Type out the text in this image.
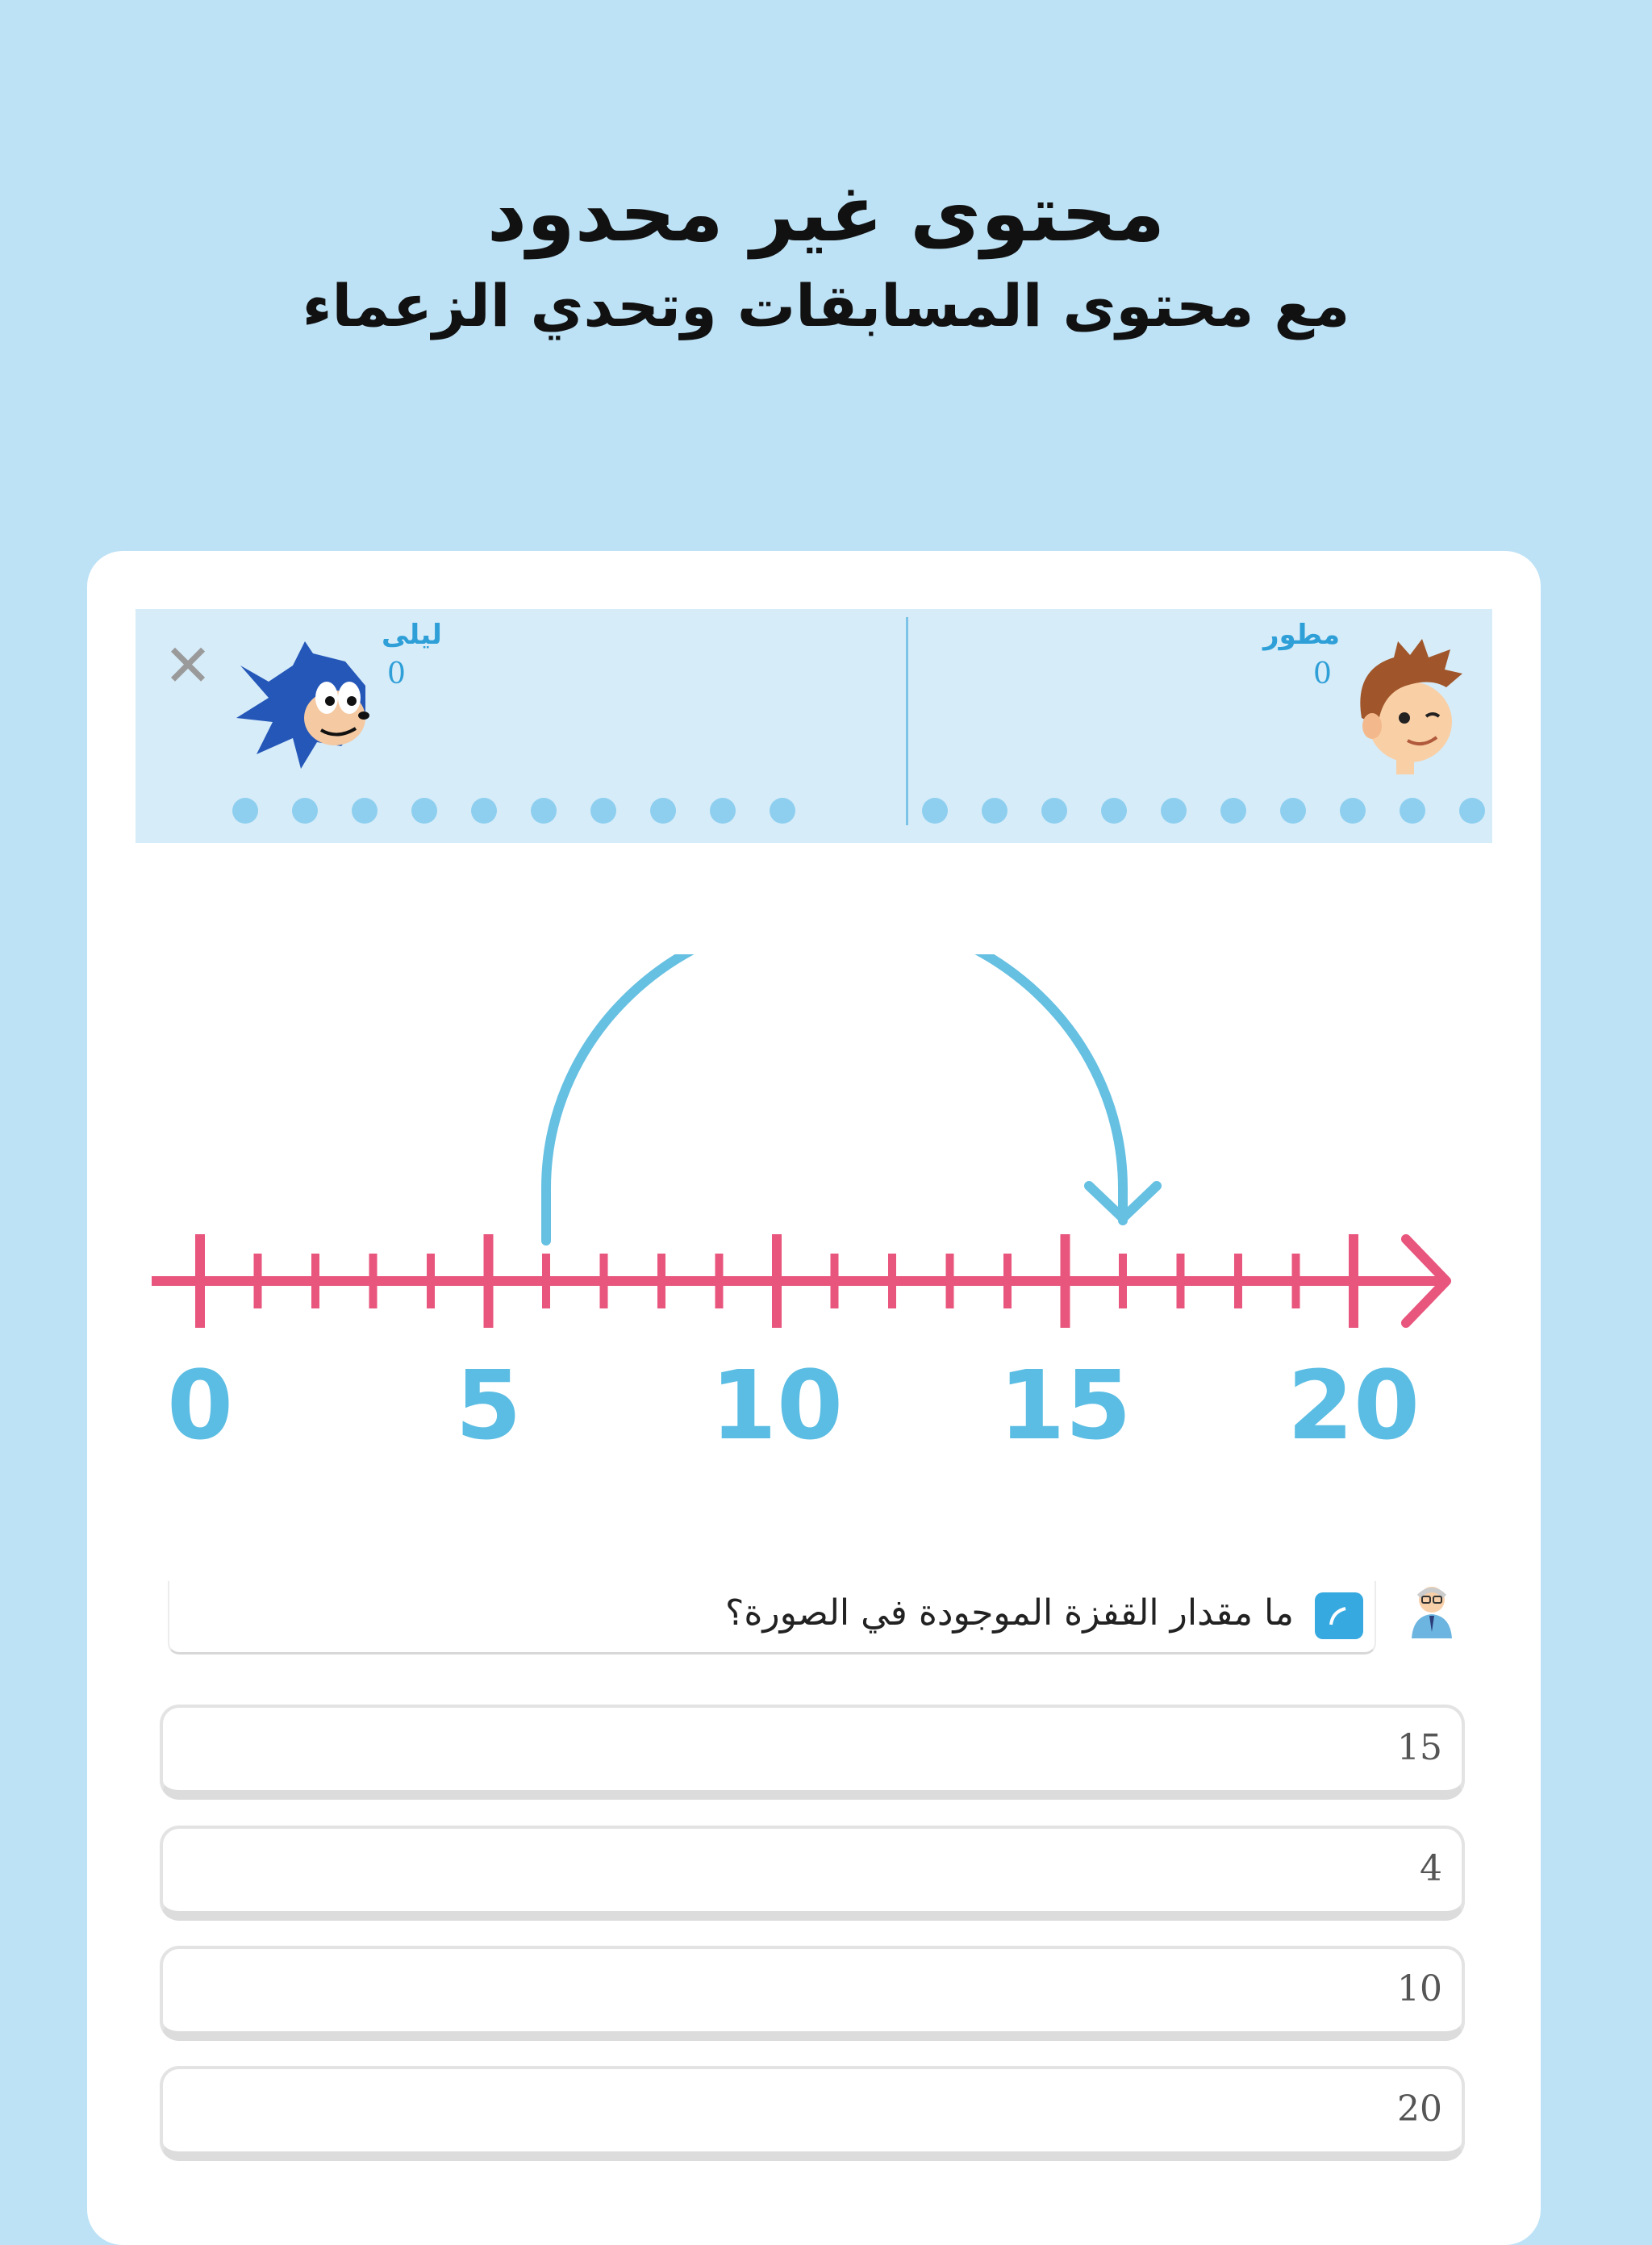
محتوى غير محدود
مع محتوى المسابقات وتحدي الزعماء
✕	ليلى
0
مطور
0
0 5 10 15 20
ما مقدار القفزة الموجودة في الصورة؟
15
4
10
20
